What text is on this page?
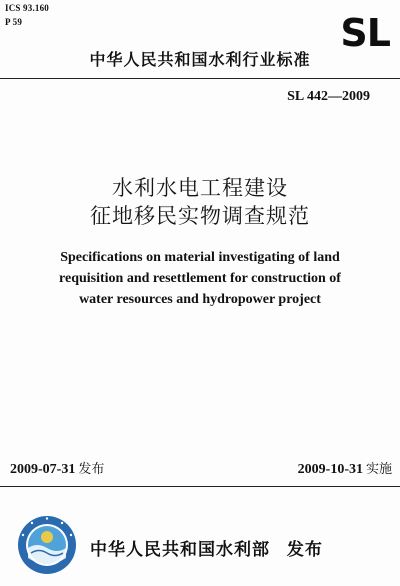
ICS 93.160
P 59	SL
中华人民共和国水利行业标准
SL 442—2009
水利水电工程建设
征地移民实物调查规范
Specifications on material investigating of land
requisition and resettlement for construction of
water resources and hydropower project
2009-07-31 发布	2009-10-31 实施
中华人民共和国水利部 发布
